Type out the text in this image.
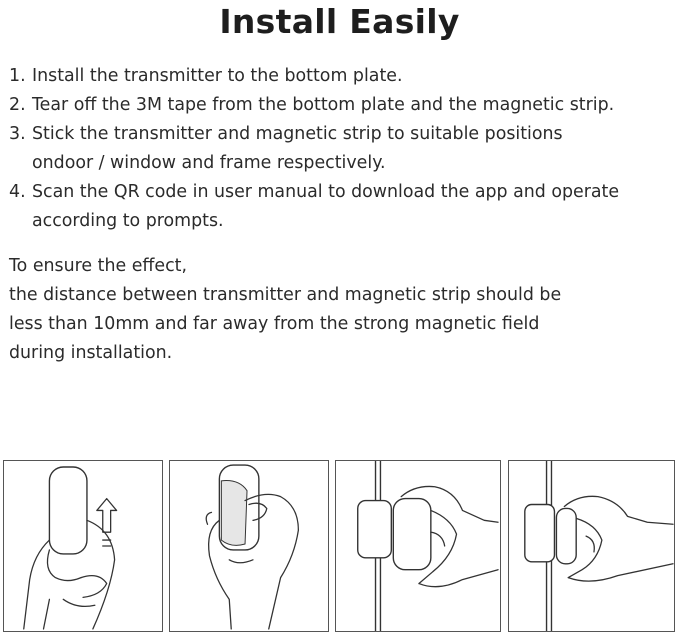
Install Easily
1. Install the transmitter to the bottom plate.
2. Tear off the 3M tape from the bottom plate and the magnetic strip.
3. Stick the transmitter and magnetic strip to suitable positions
ondoor / window and frame respectively.
4. Scan the QR code in user manual to download the app and operate
according to prompts.
To ensure the effect,
the distance between transmitter and magnetic strip should be
less than 10mm and far away from the strong magnetic field
during installation.
